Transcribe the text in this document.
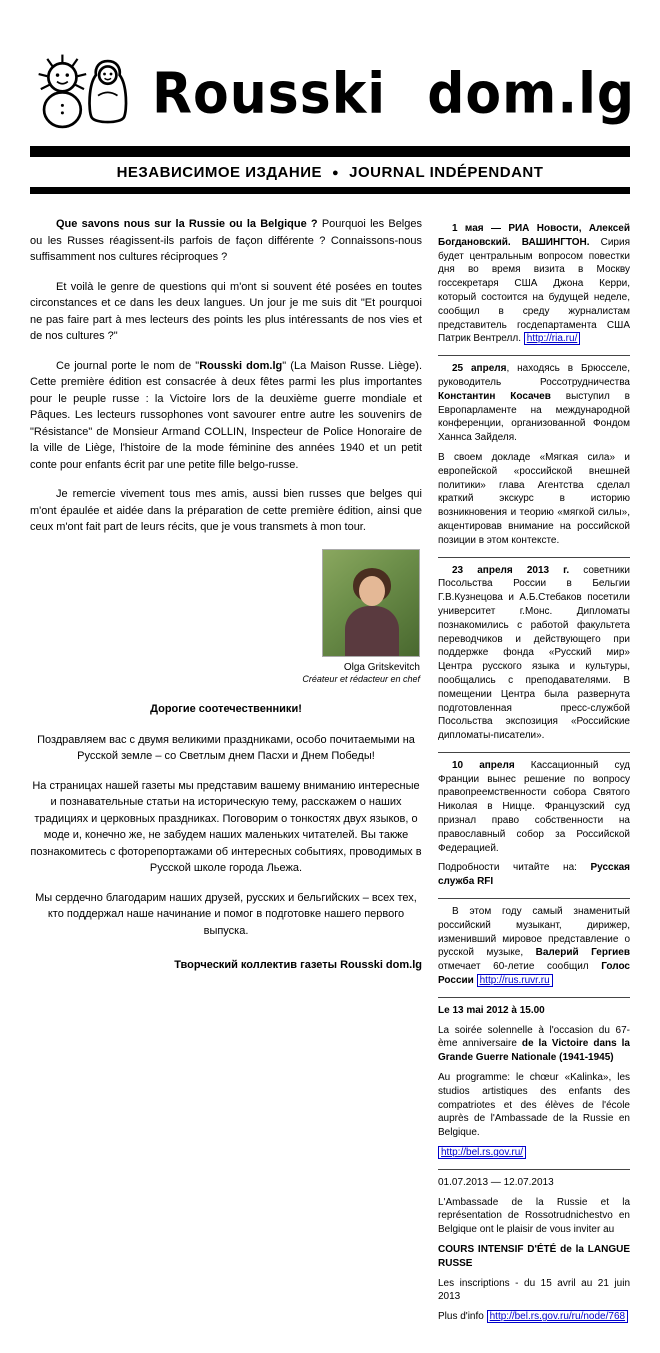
Rousski dom.lg
НЕЗАВИСИМОЕ ИЗДАНИЕ ● JOURNAL INDÉPENDANT

Que savons nous sur la Russie ou la Belgique ? Pourquoi les Belges ou les Russes réagissent-ils parfois de façon différente ? Connaissons-nous suffisamment nos cultures réciproques ?

Et voilà le genre de questions qui m'ont si souvent été posées en toutes circonstances et ce dans les deux langues. Un jour je me suis dit "Et pourquoi ne pas faire part à mes lecteurs des points les plus intéressants de nos vies et de nos cultures ?"

Ce journal porte le nom de "Rousski dom.lg" (La Maison Russe. Liège). Cette première édition est consacrée à deux fêtes parmi les plus importantes pour le peuple russe : la Victoire lors de la deuxième guerre mondiale et Pâques. Les lecteurs russophones vont savourer entre autre les souvenirs de "Résistance" de Monsieur Armand COLLIN, Inspecteur de Police Honoraire de la ville de Liège, l'histoire de la mode féminine des années 1940 et un petit conte pour enfants écrit par une petite fille belgo-russe.

Je remercie vivement tous mes amis, aussi bien russes que belges qui m'ont épaulée et aidée dans la préparation de cette première édition, ainsi que ceux m'ont fait part de leurs récits, que je vous transmets à mon tour.

Olga Gritskevitch
Créateur et rédacteur en chef
Дорогие соотечественники!

Поздравляем вас с двумя великими праздниками, особо почитаемыми на Русской земле – со Светлым днем Пасхи и Днем Победы!

На страницах нашей газеты мы представим вашему вниманию интересные и познавательные статьи на историческую тему, расскажем о наших традициях и церковных праздниках. Поговорим о тонкостях двух языков, о моде и, конечно же, не забудем наших маленьких читателей. Вы также познакомитесь с фоторепортажами об интересных событиях, проводимых в Русской школе города Льежа.

Мы сердечно благодарим наших друзей, русских и бельгийских – всех тех, кто поддержал наше начинание и помог в подготовке нашего первого выпуска.

Творческий коллектив газеты Rousski dom.lg

1 мая — РИА Новости, Алексей Богдановский. ВАШИНГТОН. Сирия будет центральным вопросом повестки дня во время визита в Москву госсекретаря США Джона Керри, который состоится на будущей неделе, сообщил в среду журналистам представитель госдепартамента США Патрик Вентрелл. http://ria.ru/

25 апреля, находясь в Брюсселе, руководитель Россотрудничества Константин Косачев выступил в Европарламенте на международной конференции, организованной Фондом Ханнса Зайделя.

В своем докладе «Мягкая сила» и европейской «российской внешней политики» глава Агентства сделал краткий экскурс в историю возникновения и теорию «мягкой силы», акцентировав внимание на российской позиции в этом контексте.

23 апреля 2013 г. советники Посольства России в Бельгии Г.В.Кузнецова и А.Б.Стебаков посетили университет г.Монс. Дипломаты познакомились с работой факультета переводчиков и действующего при поддержке фонда «Русский мир» Центра русского языка и культуры, пообщались с преподавателями. В помещении Центра была развернута подготовленная пресс-службой Посольства экспозиция «Российские дипломаты-писатели».

10 апреля Кассационный суд Франции вынес решение по вопросу правопреемственности собора Святого Николая в Ницце. Французский суд признал право собственности на православный собор за Российской Федерацией.

Подробности читайте на: Русская служба RFI

В этом году самый знаменитый российский музыкант, дирижер, изменивший мировое представление о русской музыке, Валерий Гергиев отмечает 60-летие сообщил Голос России http://rus.ruvr.ru

Le 13 mai 2012 à 15.00

La soirée solennelle à l'occasion du 67-ème anniversaire de la Victoire dans la Grande Guerre Nationale (1941-1945)

Au programme: le chœur «Kalinka», les studios artistiques des enfants des compatriotes et des élèves de l'école auprès de l'Ambassade de la Russie en Belgique.

http://bel.rs.gov.ru/

01.07.2013 — 12.07.2013

L'Ambassade de la Russie et la représentation de Rossotrudnichestvo en Belgique ont le plaisir de vous inviter au

COURS INTENSIF D'ÉTÉ de la LANGUE RUSSE

Les inscriptions - du 15 avril au 21 juin 2013

Plus d'info http://bel.rs.gov.ru/ru/node/768
